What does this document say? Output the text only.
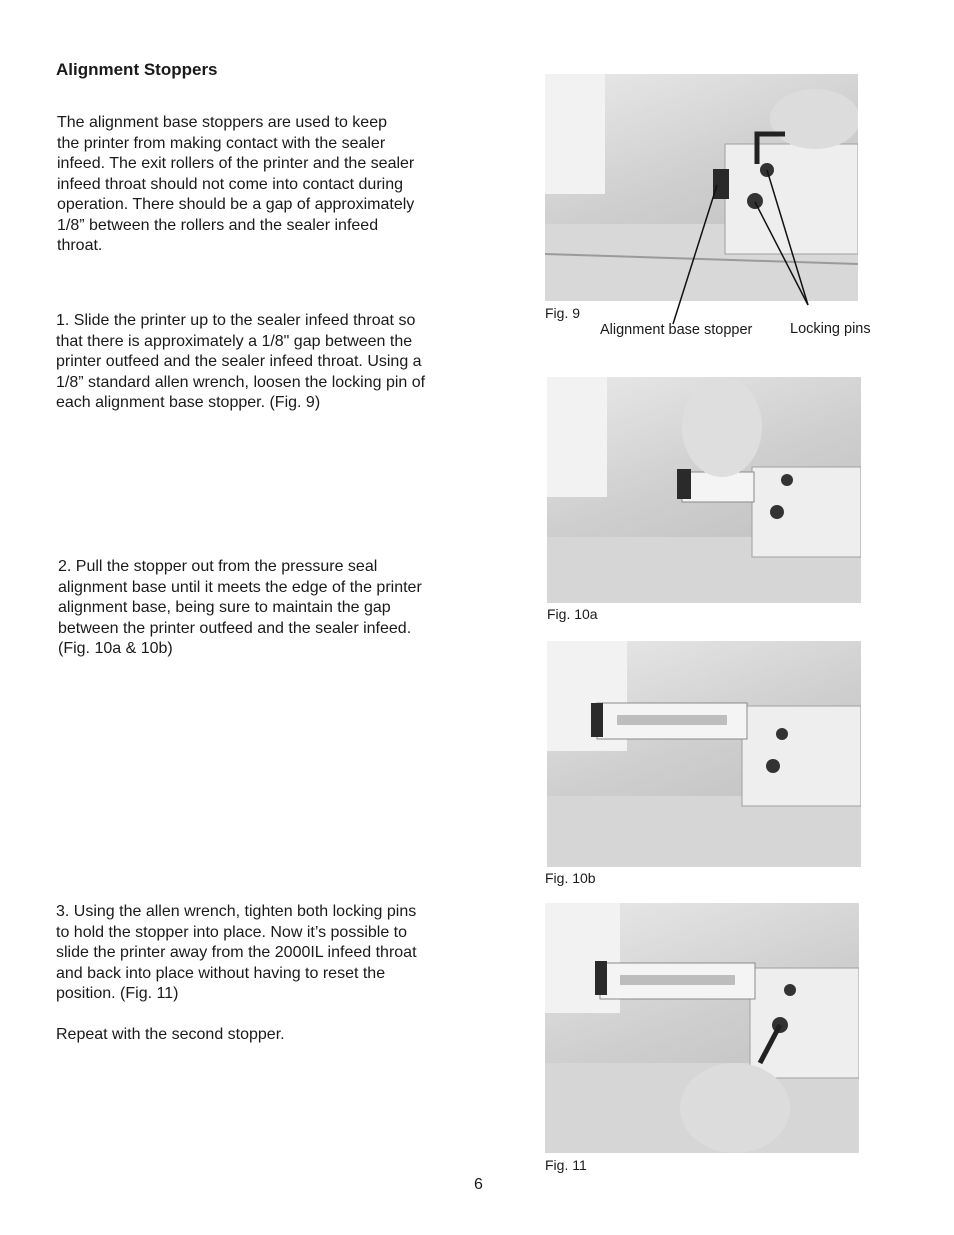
Alignment Stoppers
The alignment base stoppers are used to keep
the printer from making contact with the sealer
infeed. The exit rollers of the printer and the sealer
infeed throat should not come into contact during
operation. There should be a gap of approximately
1/8” between the rollers and the sealer infeed
throat.
1. Slide the printer up to the sealer infeed throat so
that there is approximately a 1/8" gap between the
printer outfeed and the sealer infeed throat. Using a
1/8” standard allen wrench, loosen the locking pin of
each alignment base stopper. (Fig. 9)
2. Pull the stopper out from the pressure seal
alignment base until it meets the edge of the printer
alignment base, being sure to maintain the gap
between the printer outfeed and the sealer infeed.
(Fig. 10a & 10b)
3. Using the allen wrench, tighten both locking pins
to hold the stopper into place. Now it’s possible to
slide the printer away from the 2000IL infeed throat
and back into place without having to reset the
position. (Fig. 11)

Repeat with the second stopper.
Fig. 9
Alignment base stopper	Locking pins
Fig. 10a
Fig. 10b
Fig. 11
6
